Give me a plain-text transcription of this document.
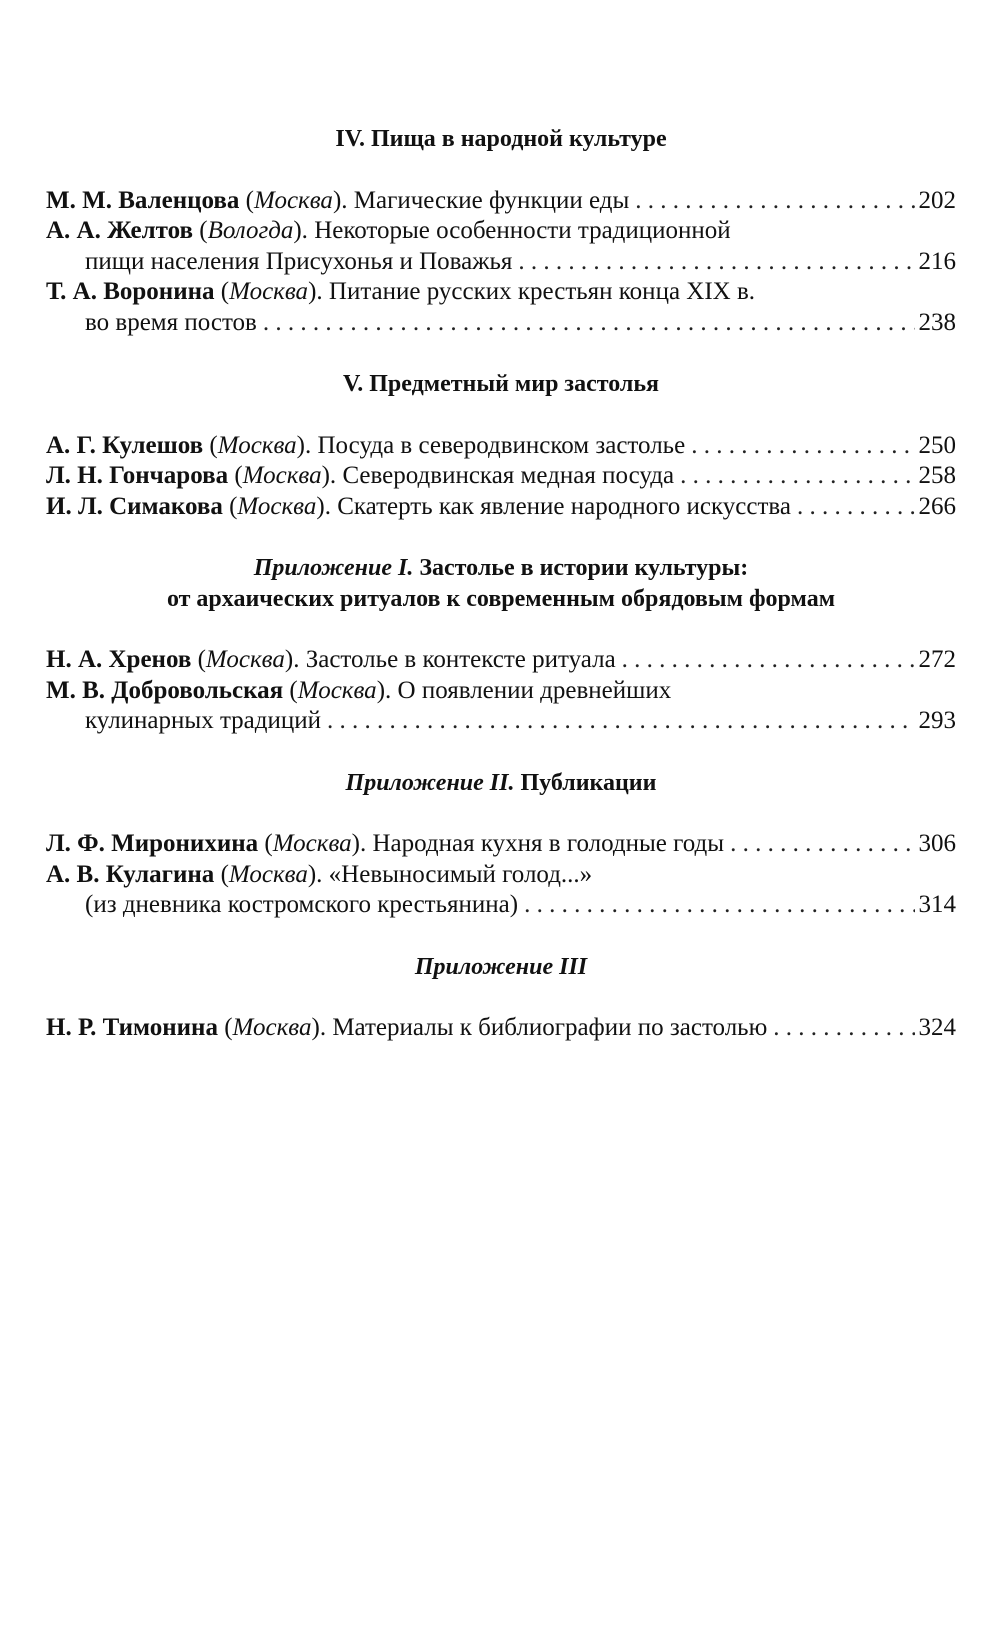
IV. Пища в народной культуре
М. М. Валенцова (Москва). Магические функции еды . . .	202
А. А. Желтов (Вологда). Некоторые особенности традиционной
пищи населения Присухонья и Поважья . . .	216
Т. А. Воронина (Москва). Питание русских крестьян конца XIX в.
во время постов . . .	238
V. Предметный мир застолья
А. Г. Кулешов (Москва). Посуда в северодвинском застолье . . .	250
Л. Н. Гончарова (Москва). Северодвинская медная посуда . . .	258
И. Л. Симакова (Москва). Скатерть как явление народного искусства . . .	266
Приложение I. Застолье в истории культуры:
от архаических ритуалов к современным обрядовым формам
Н. А. Хренов (Москва). Застолье в контексте ритуала . . .	272
М. В. Добровольская (Москва). О появлении древнейших
кулинарных традиций . . .	293
Приложение II. Публикации
Л. Ф. Миронихина (Москва). Народная кухня в голодные годы . . .	306
А. В. Кулагина (Москва). «Невыносимый голод...»
(из дневника костромского крестьянина) . . .	314
Приложение III
Н. Р. Тимонина (Москва). Материалы к библиографии по застолью . . .	324
